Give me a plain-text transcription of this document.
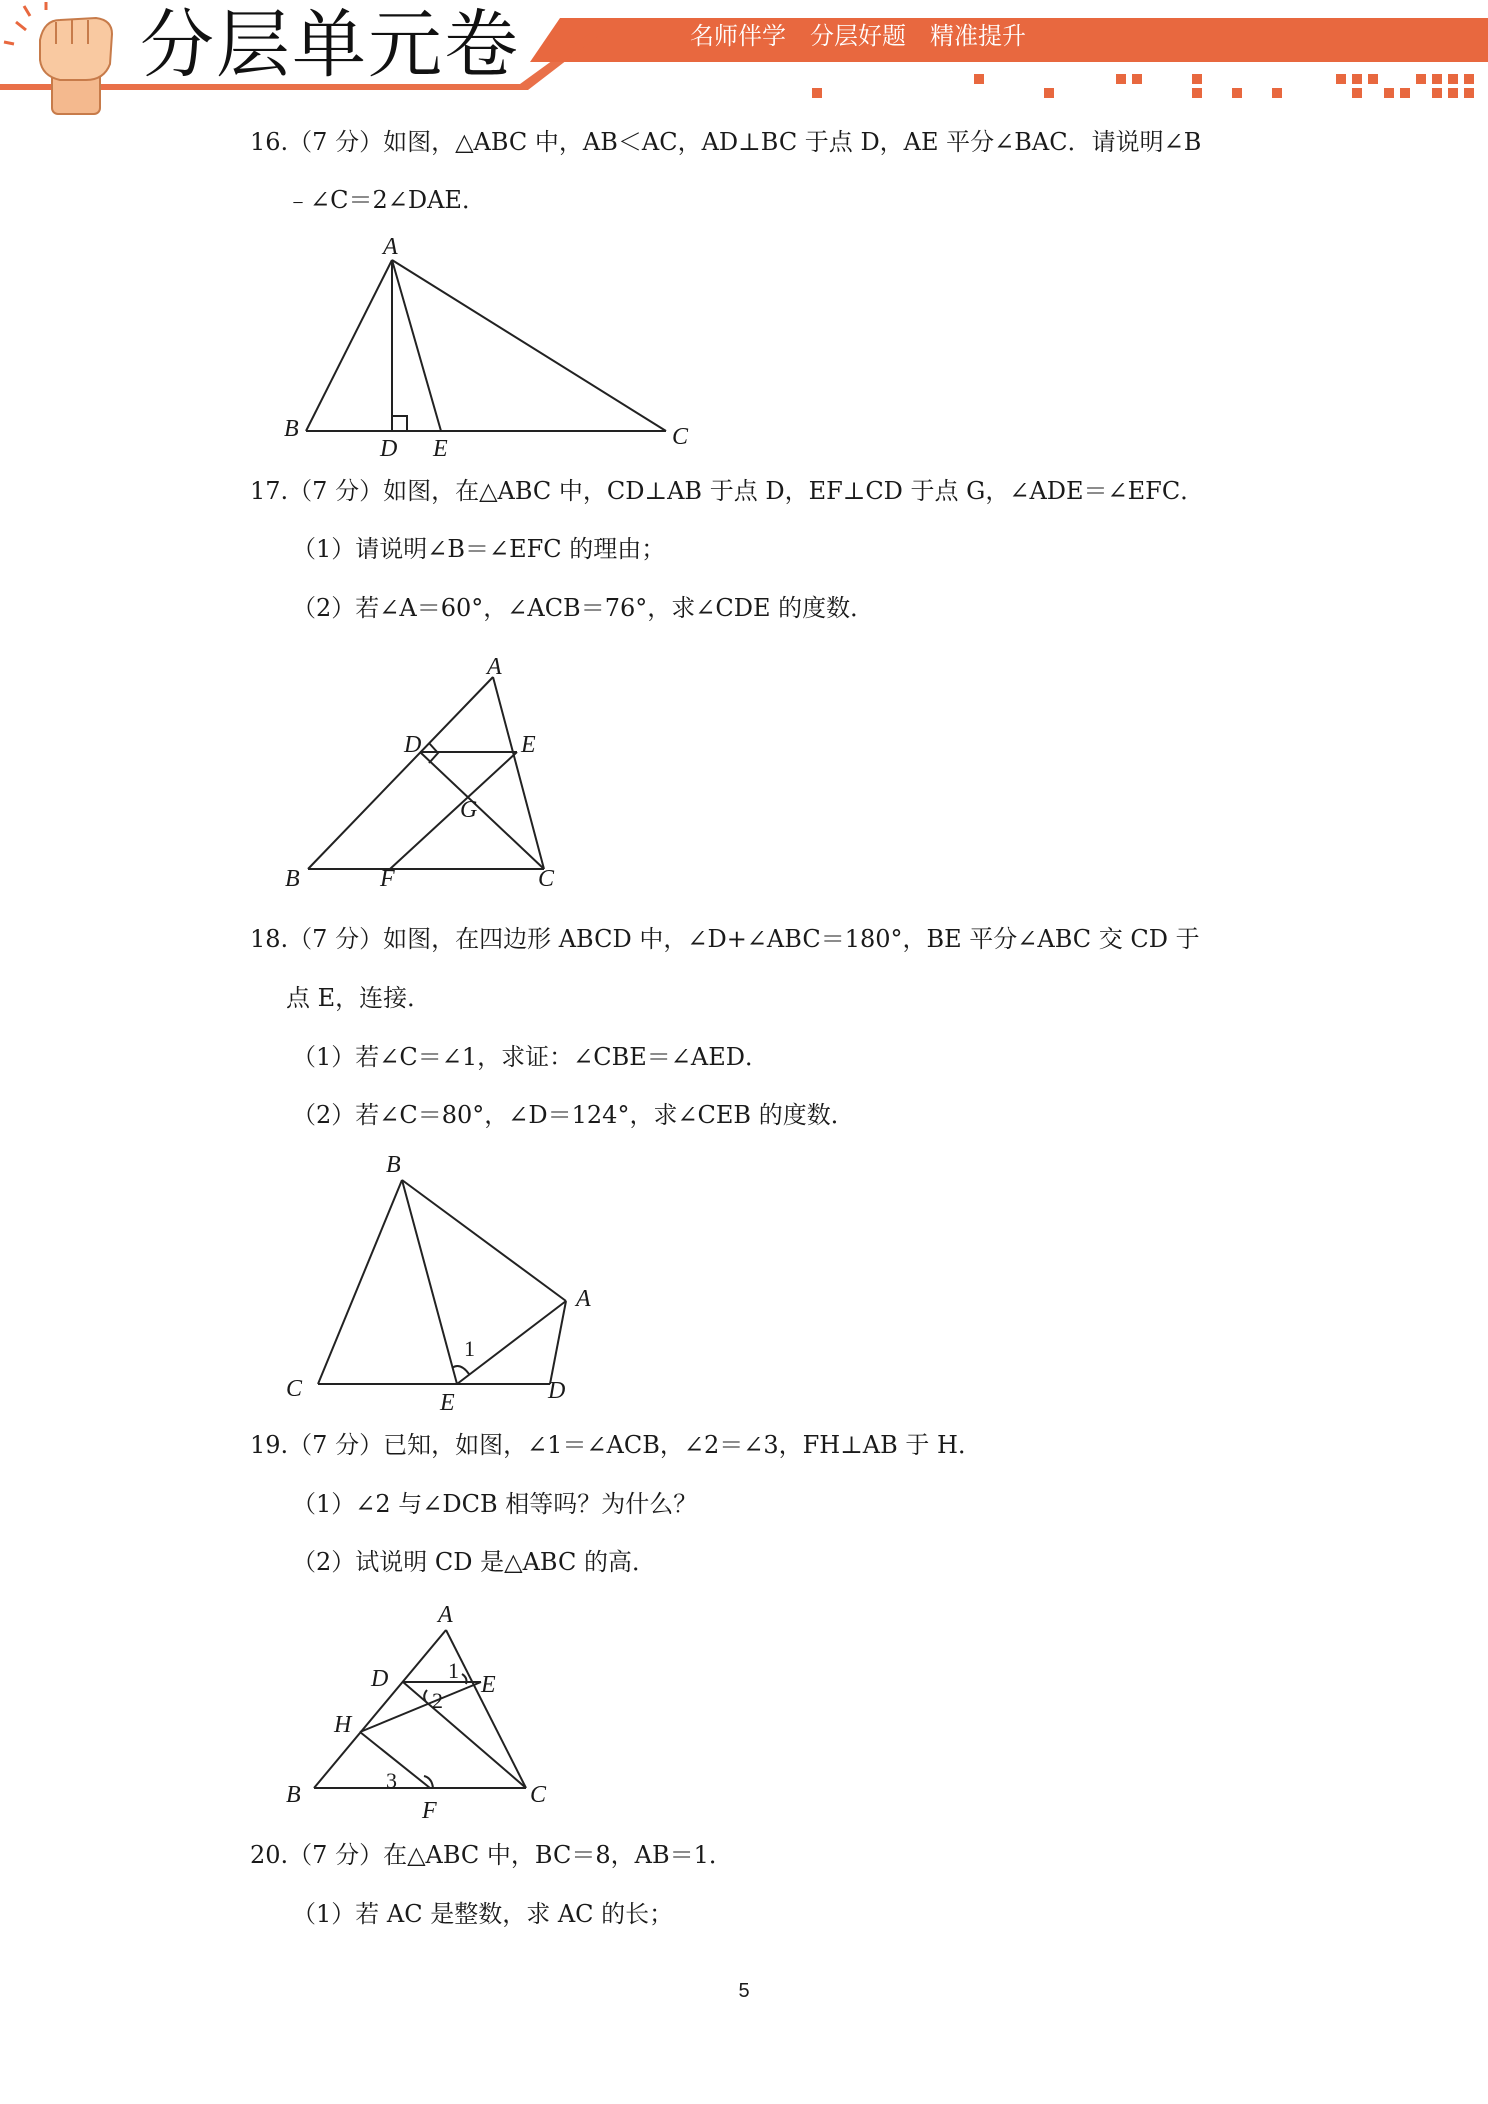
分层单元卷	名师伴学 分层好题 精准提升
16.（7 分）如图，△ABC 中，AB＜AC，AD⊥BC 于点 D，AE 平分∠BAC．请说明∠B
﹣∠C＝2∠DAE．
A
B	C
D E
17.（7 分）如图，在△ABC 中，CD⊥AB 于点 D，EF⊥CD 于点 G，∠ADE＝∠EFC．
（1）请说明∠B＝∠EFC 的理由；
（2）若∠A＝60°，∠ACB＝76°，求∠CDE 的度数．
A
B	C
D	E
F
G
18.（7 分）如图，在四边形 ABCD 中，∠D+∠ABC＝180°，BE 平分∠ABC 交 CD 于
点 E，连接．
（1）若∠C＝∠1，求证：∠CBE＝∠AED．
（2）若∠C＝80°，∠D＝124°，求∠CEB 的度数．
B
A
C	D
E
1
19.（7 分）已知，如图，∠1＝∠ACB，∠2＝∠3，FH⊥AB 于 H．
（1）∠2 与∠DCB 相等吗？为什么？
（2）试说明 CD 是△ABC 的高．
A
B	C
D	E
F
H
1
2
3
20.（7 分）在△ABC 中，BC＝8，AB＝1．
（1）若 AC 是整数，求 AC 的长；
5
